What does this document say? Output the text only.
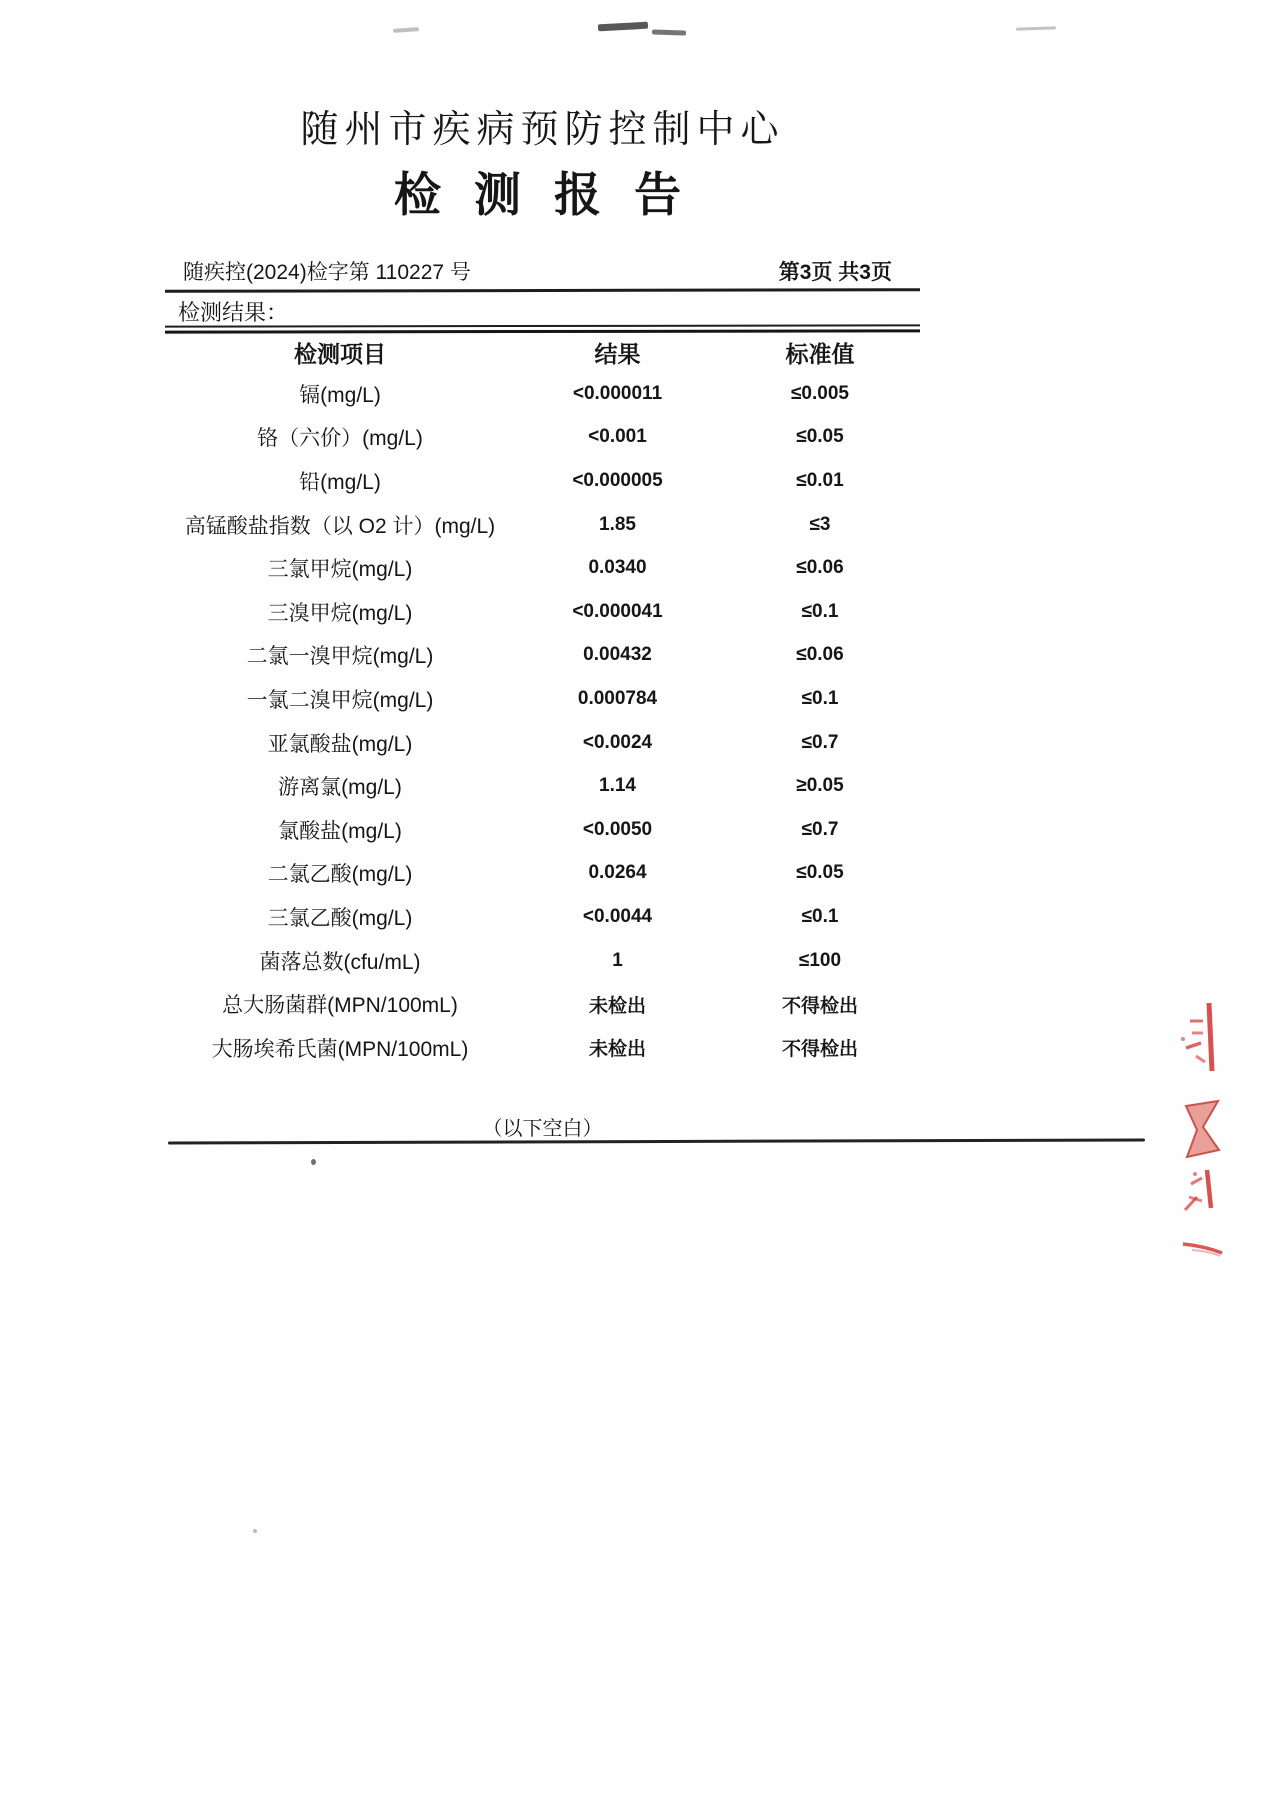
随州市疾病预防控制中心
检 测 报 告
随疾控(2024)检字第 110227 号	第3页 共3页
检测结果：
检测项目	结果	标准值
镉(mg/L)	<0.000011	≤0.005
铬（六价）(mg/L)	<0.001	≤0.05
铅(mg/L)	<0.000005	≤0.01
高锰酸盐指数（以 O2 计）(mg/L)	1.85	≤3
三氯甲烷(mg/L)	0.0340	≤0.06
三溴甲烷(mg/L)	<0.000041	≤0.1
二氯一溴甲烷(mg/L)	0.00432	≤0.06
一氯二溴甲烷(mg/L)	0.000784	≤0.1
亚氯酸盐(mg/L)	<0.0024	≤0.7
游离氯(mg/L)	1.14	≥0.05
氯酸盐(mg/L)	<0.0050	≤0.7
二氯乙酸(mg/L)	0.0264	≤0.05
三氯乙酸(mg/L)	<0.0044	≤0.1
菌落总数(cfu/mL)	1	≤100
总大肠菌群(MPN/100mL)	未检出	不得检出
大肠埃希氏菌(MPN/100mL)	未检出	不得检出
（以下空白）
